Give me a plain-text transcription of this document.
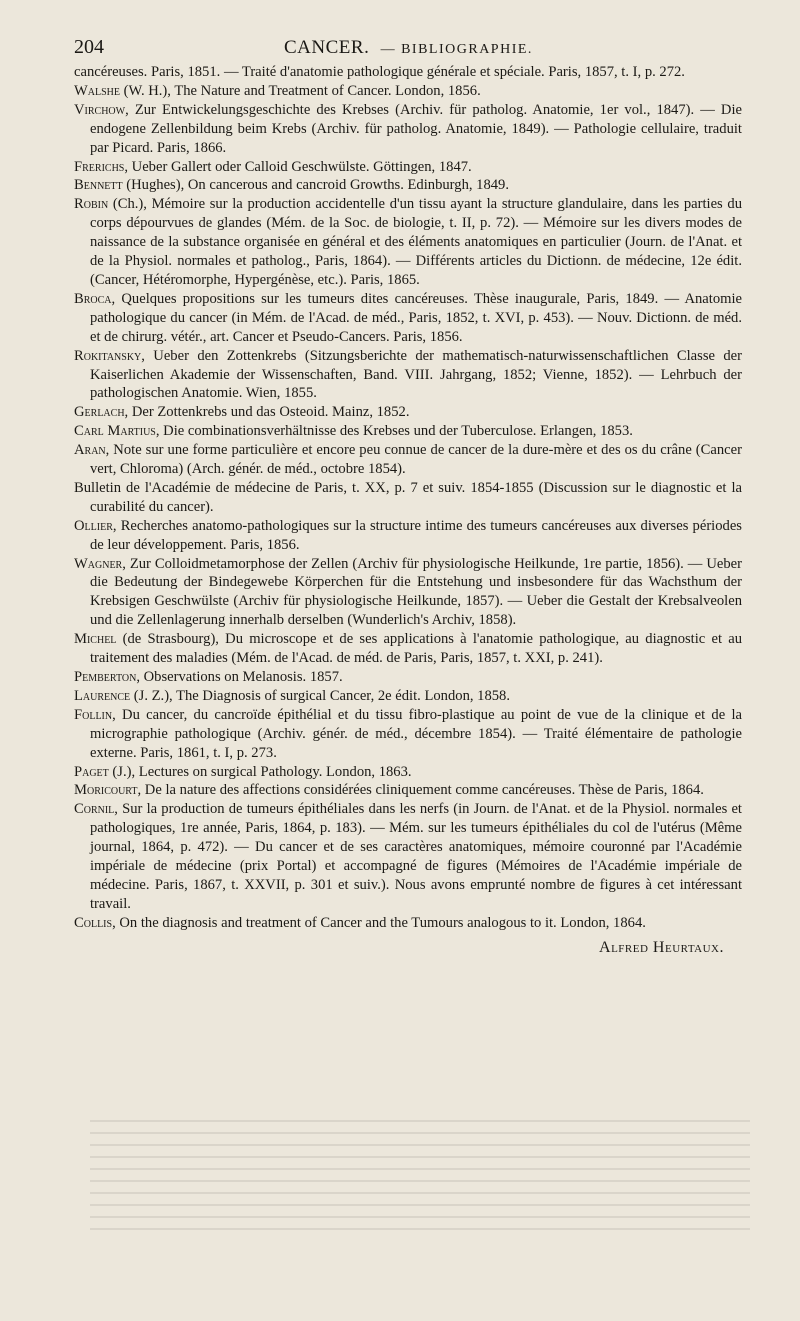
204	CANCER. — BIBLIOGRAPHIE.

cancéreuses. Paris, 1851. — Traité d'anatomie pathologique générale et spéciale. Paris, 1857, t. I, p. 272.

Walshe (W. H.), The Nature and Treatment of Cancer. London, 1856.

Virchow, Zur Entwickelungsgeschichte des Krebses (Archiv. für patholog. Anatomie, 1er vol., 1847). — Die endogene Zellenbildung beim Krebs (Archiv. für patholog. Anatomie, 1849). — Pathologie cellulaire, traduit par Picard. Paris, 1866.

Frerichs, Ueber Gallert oder Calloid Geschwülste. Göttingen, 1847.

Bennett (Hughes), On cancerous and cancroid Growths. Edinburgh, 1849.

Robin (Ch.), Mémoire sur la production accidentelle d'un tissu ayant la structure glandulaire, dans les parties du corps dépourvues de glandes (Mém. de la Soc. de biologie, t. II, p. 72). — Mémoire sur les divers modes de naissance de la substance organisée en général et des éléments anatomiques en particulier (Journ. de l'Anat. et de la Physiol. normales et patholog., Paris, 1864). — Différents articles du Dictionn. de médecine, 12e édit. (Cancer, Hétéromorphe, Hypergénèse, etc.). Paris, 1865.

Broca, Quelques propositions sur les tumeurs dites cancéreuses. Thèse inaugurale, Paris, 1849. — Anatomie pathologique du cancer (in Mém. de l'Acad. de méd., Paris, 1852, t. XVI, p. 453). — Nouv. Dictionn. de méd. et de chirurg. vétér., art. Cancer et Pseudo-Cancers. Paris, 1856.

Rokitansky, Ueber den Zottenkrebs (Sitzungsberichte der mathematisch-naturwissenschaftlichen Classe der Kaiserlichen Akademie der Wissenschaften, Band. VIII. Jahrgang, 1852; Vienne, 1852). — Lehrbuch der pathologischen Anatomie. Wien, 1855.

Gerlach, Der Zottenkrebs und das Osteoid. Mainz, 1852.

Carl Martius, Die combinationsverhältnisse des Krebses und der Tuberculose. Erlangen, 1853.

Aran, Note sur une forme particulière et encore peu connue de cancer de la dure-mère et des os du crâne (Cancer vert, Chloroma) (Arch. génér. de méd., octobre 1854).

Bulletin de l'Académie de médecine de Paris, t. XX, p. 7 et suiv. 1854-1855 (Discussion sur le diagnostic et la curabilité du cancer).

Ollier, Recherches anatomo-pathologiques sur la structure intime des tumeurs cancéreuses aux diverses périodes de leur développement. Paris, 1856.

Wagner, Zur Colloidmetamorphose der Zellen (Archiv für physiologische Heilkunde, 1re partie, 1856). — Ueber die Bedeutung der Bindegewebe Körperchen für die Entstehung und insbesondere für das Wachsthum der Krebsigen Geschwülste (Archiv für physiologische Heilkunde, 1857). — Ueber die Gestalt der Krebsalveolen und die Zellenlagerung innerhalb derselben (Wunderlich's Archiv, 1858).

Michel (de Strasbourg), Du microscope et de ses applications à l'anatomie pathologique, au diagnostic et au traitement des maladies (Mém. de l'Acad. de méd. de Paris, Paris, 1857, t. XXI, p. 241).

Pemberton, Observations on Melanosis. 1857.

Laurence (J. Z.), The Diagnosis of surgical Cancer, 2e édit. London, 1858.

Follin, Du cancer, du cancroïde épithélial et du tissu fibro-plastique au point de vue de la clinique et de la micrographie pathologique (Archiv. génér. de méd., décembre 1854). — Traité élémentaire de pathologie externe. Paris, 1861, t. I, p. 273.

Paget (J.), Lectures on surgical Pathology. London, 1863.

Moricourt, De la nature des affections considérées cliniquement comme cancéreuses. Thèse de Paris, 1864.

Cornil, Sur la production de tumeurs épithéliales dans les nerfs (in Journ. de l'Anat. et de la Physiol. normales et pathologiques, 1re année, Paris, 1864, p. 183). — Mém. sur les tumeurs épithéliales du col de l'utérus (Même journal, 1864, p. 472). — Du cancer et de ses caractères anatomiques, mémoire couronné par l'Académie impériale de médecine (prix Portal) et accompagné de figures (Mémoires de l'Académie impériale de médecine. Paris, 1867, t. XXVII, p. 301 et suiv.). Nous avons emprunté nombre de figures à cet intéressant travail.

Collis, On the diagnosis and treatment of Cancer and the Tumours analogous to it. London, 1864.

Alfred Heurtaux.
